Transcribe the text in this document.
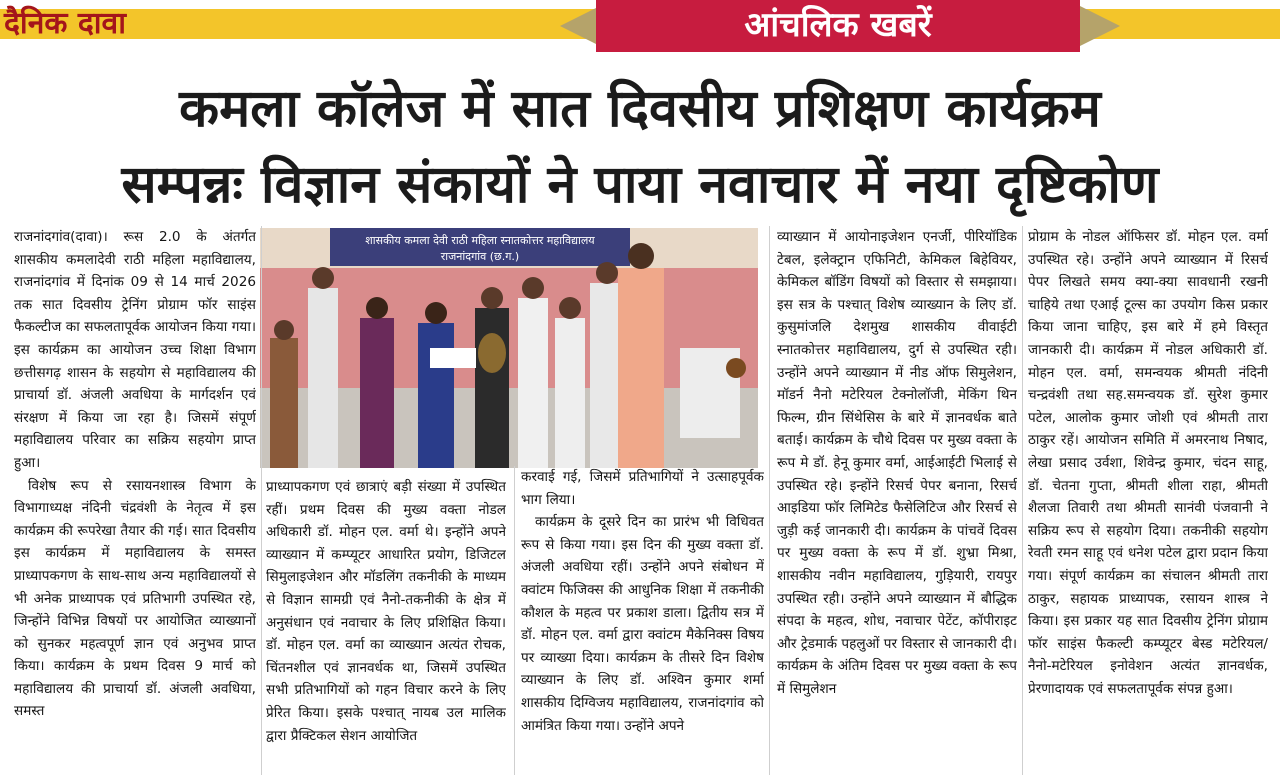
दैनिक दावा	आंचलिक खबरें
कमला कॉलेज में सात दिवसीय प्रशिक्षण कार्यक्रम
सम्पन्नः विज्ञान संकायों ने पाया नवाचार में नया दृष्टिकोण
शासकीय कमला देवी राठी महिला स्नातकोत्तर महाविद्यालय
राजनांदगांव (छ.ग.)

राजनांदगांव(दावा)। रूस 2.0 के अंतर्गत शासकीय कमलादेवी राठी महिला महाविद्यालय, राजनांदगांव में दिनांक 09 से 14 मार्च 2026 तक सात दिवसीय ट्रेनिंग प्रोग्राम फॉर साइंस फैकल्टीज का सफलतापूर्वक आयोजन किया गया। इस कार्यक्रम का आयोजन उच्च शिक्षा विभाग छत्तीसगढ़ शासन के सहयोग से महाविद्यालय की प्राचार्या डॉ. अंजली अवधिया के मार्गदर्शन एवं संरक्षण में किया जा रहा है। जिसमें संपूर्ण महाविद्यालय परिवार का सक्रिय सहयोग प्राप्त हुआ।

विशेष रूप से रसायनशास्त्र विभाग के विभागाध्यक्ष नंदिनी चंद्रवंशी के नेतृत्व में इस कार्यक्रम की रूपरेखा तैयार की गई। सात दिवसीय इस कार्यक्रम में महाविद्यालय के समस्त प्राध्यापकगण के साथ-साथ अन्य महाविद्यालयों से भी अनेक प्राध्यापक एवं प्रतिभागी उपस्थित रहे, जिन्होंने विभिन्न विषयों पर आयोजित व्याख्यानों को सुनकर महत्वपूर्ण ज्ञान एवं अनुभव प्राप्त किया। कार्यक्रम के प्रथम दिवस 9 मार्च को महाविद्यालय की प्राचार्या डॉ. अंजली अवधिया, समस्त

प्राध्यापकगण एवं छात्राएं बड़ी संख्या में उपस्थित रहीं। प्रथम दिवस की मुख्य वक्ता नोडल अधिकारी डॉ. मोहन एल. वर्मा थे। इन्होंने अपने व्याख्यान में कम्प्यूटर आधारित प्रयोग, डिजिटल सिमुलाइजेशन और मॉडलिंग तकनीकी के माध्यम से विज्ञान सामग्री एवं नैनो-तकनीकी के क्षेत्र में अनुसंधान एवं नवाचार के लिए प्रशिक्षित किया। डॉ. मोहन एल. वर्मा का व्याख्यान अत्यंत रोचक, चिंतनशील एवं ज्ञानवर्धक था, जिसमें उपस्थित सभी प्रतिभागियों को गहन विचार करने के लिए प्रेरित किया। इसके पश्चात् नायब उल मालिक द्वारा प्रैक्टिकल सेशन आयोजित

करवाई गई, जिसमें प्रतिभागियों ने उत्साहपूर्वक भाग लिया।

कार्यक्रम के दूसरे दिन का प्रारंभ भी विधिवत रूप से किया गया। इस दिन की मुख्य वक्ता डॉ. अंजली अवधिया रहीं। उन्होंने अपने संबोधन में क्वांटम फिजिक्स की आधुनिक शिक्षा में तकनीकी कौशल के महत्व पर प्रकाश डाला। द्वितीय सत्र में डॉ. मोहन एल. वर्मा द्वारा क्वांटम मैकेनिक्स विषय पर व्याख्या दिया। कार्यक्रम के तीसरे दिन विशेष व्याख्यान के लिए डॉ. अश्विन कुमार शर्मा शासकीय दिग्विजय महाविद्यालय, राजनांदगांव को आमंत्रित किया गया। उन्होंने अपने

व्याख्यान में आयोनाइजेशन एनर्जी, पीरियॉडिक टेबल, इलेक्ट्रान एफिनिटी, केमिकल बिहेवियर, केमिकल बॉडिंग विषयों को विस्तार से समझाया। इस सत्र के पश्चात् विशेष व्याख्यान के लिए डॉ. कुसुमांजलि देशमुख शासकीय वीवाईटी स्नातकोत्तर महाविद्यालय, दुर्ग से उपस्थित रही। उन्होंने अपने व्याख्यान में नीड ऑफ सिमुलेशन, मॉडर्न नैनो मटेरियल टेक्नोलॉजी, मेकिंग थिन फिल्म, ग्रीन सिंथेसिस के बारे में ज्ञानवर्धक बाते बताई। कार्यक्रम के चौथे दिवस पर मुख्य वक्ता के रूप मे डॉ. हेनू कुमार वर्मा, आईआईटी भिलाई से उपस्थित रहे। इन्होंने रिसर्च पेपर बनाना, रिसर्च आइडिया फॉर लिमिटेड फैसेलिटिज और रिसर्च से जुड़ी कई जानकारी दी। कार्यक्रम के पांचवें दिवस पर मुख्य वक्ता के रूप में डॉ. शुभ्रा मिश्रा, शासकीय नवीन महाविद्यालय, गुड़ियारी, रायपुर उपस्थित रही। उन्होंने अपने व्याख्यान में बौद्धिक संपदा के महत्व, शोध, नवाचार पेटेंट, कॉपीराइट और ट्रेडमार्क पहलुओं पर विस्तार से जानकारी दी। कार्यक्रम के अंतिम दिवस पर मुख्य वक्ता के रूप में सिमुलेशन

प्रोग्राम के नोडल ऑफिसर डॉ. मोहन एल. वर्मा उपस्थित रहे। उन्होंने अपने व्याख्यान में रिसर्च पेपर लिखते समय क्या-क्या सावधानी रखनी चाहिये तथा एआई टूल्स का उपयोग किस प्रकार किया जाना चाहिए, इस बारे में हमे विस्तृत जानकारी दी। कार्यक्रम में नोडल अधिकारी डॉ. मोहन एल. वर्मा, समन्वयक श्रीमती नंदिनी चन्द्रवंशी तथा सह.समन्वयक डॉ. सुरेश कुमार पटेल, आलोक कुमार जोशी एवं श्रीमती तारा ठाकुर रहें। आयोजन समिति में अमरनाथ निषाद, लेखा प्रसाद उर्वशा, शिवेन्द्र कुमार, चंदन साहू, डॉ. चेतना गुप्ता, श्रीमती शीला राहा, श्रीमती शैलजा तिवारी तथा श्रीमती सानंवी पंजवानी ने सक्रिय रूप से सहयोग दिया। तकनीकी सहयोग रेवती रमन साहू एवं धनेश पटेल द्वारा प्रदान किया गया। संपूर्ण कार्यक्रम का संचालन श्रीमती तारा ठाकुर, सहायक प्राध्यापक, रसायन शास्त्र ने किया। इस प्रकार यह सात दिवसीय ट्रेनिंग प्रोग्राम फॉर साइंस फैकल्टी कम्प्यूटर बेस्ड मटेरियल/ नैनो-मटेरियल इनोवेशन अत्यंत ज्ञानवर्धक, प्रेरणादायक एवं सफलतापूर्वक संपन्न हुआ।
